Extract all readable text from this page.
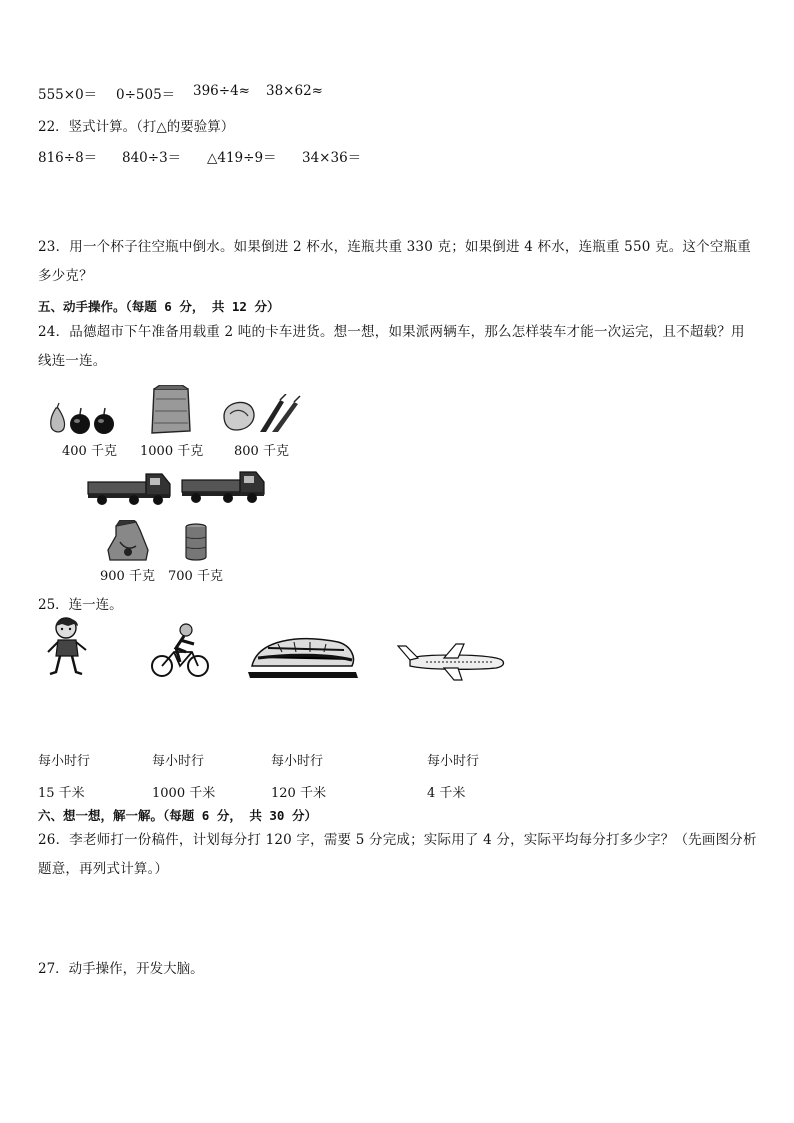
555×0＝ 0÷505＝ 396÷4≈ 38×62≈
22．竖式计算。（打△的要验算）
816÷8＝ 840÷3＝ △419÷9＝ 34×36＝
23．用一个杯子往空瓶中倒水。如果倒进 2 杯水，连瓶共重 330 克；如果倒进 4 杯水，连瓶重 550 克。这个空瓶重多少克？
五、动手操作。（每题 6 分， 共 12 分）
24．品德超市下午准备用载重 2 吨的卡车进货。想一想，如果派两辆车，那么怎样装车才能一次运完，且不超载？用线连一连。
400 千克 1000 千克 800 千克
900 千克 700 千克
25．连一连。
每小时行	每小时行	每小时行	每小时行
15 千米	1000 千米	120 千米	4 千米
六、想一想，解一解。（每题 6 分， 共 30 分）
26．李老师打一份稿件，计划每分打 120 字，需要 5 分完成；实际用了 4 分，实际平均每分打多少字？（先画图分析题意，再列式计算。）
27．动手操作，开发大脑。
